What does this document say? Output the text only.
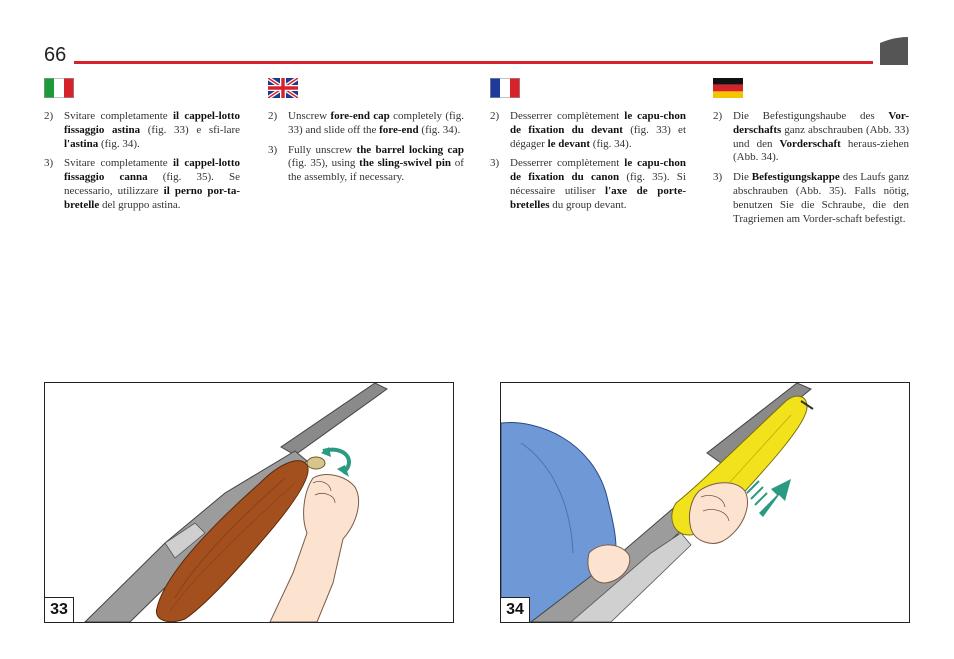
66
2) Svitare completamente il cappel-lotto fissaggio astina (fig. 33) e sfi-lare l'astina (fig. 34).
3) Svitare completamente il cappel-lotto fissaggio canna (fig. 35). Se necessario, utilizzare il perno por-ta-bretelle del gruppo astina.
2) Unscrew fore-end cap completely (fig. 33) and slide off the fore-end (fig. 34).
3) Fully unscrew the barrel locking cap (fig. 35), using the sling-swivel pin of the assembly, if necessary.
2) Desserrer complètement le capu-chon de fixation du devant (fig. 33) et dégager le devant (fig. 34).
3) Desserrer complètement le capu-chon de fixation du canon (fig. 35). Si nécessaire utiliser l'axe de porte-bretelles du group devant.
2) Die Befestigungshaube des Vor-derschafts ganz abschrauben (Abb. 33) und den Vorderschaft heraus-ziehen (Abb. 34).
3) Die Befestigungskappe des Laufs ganz abschrauben (Abb. 35). Falls nötig, benutzen Sie die Schraube, die den Tragriemen am Vorder-schaft befestigt.
33	34
